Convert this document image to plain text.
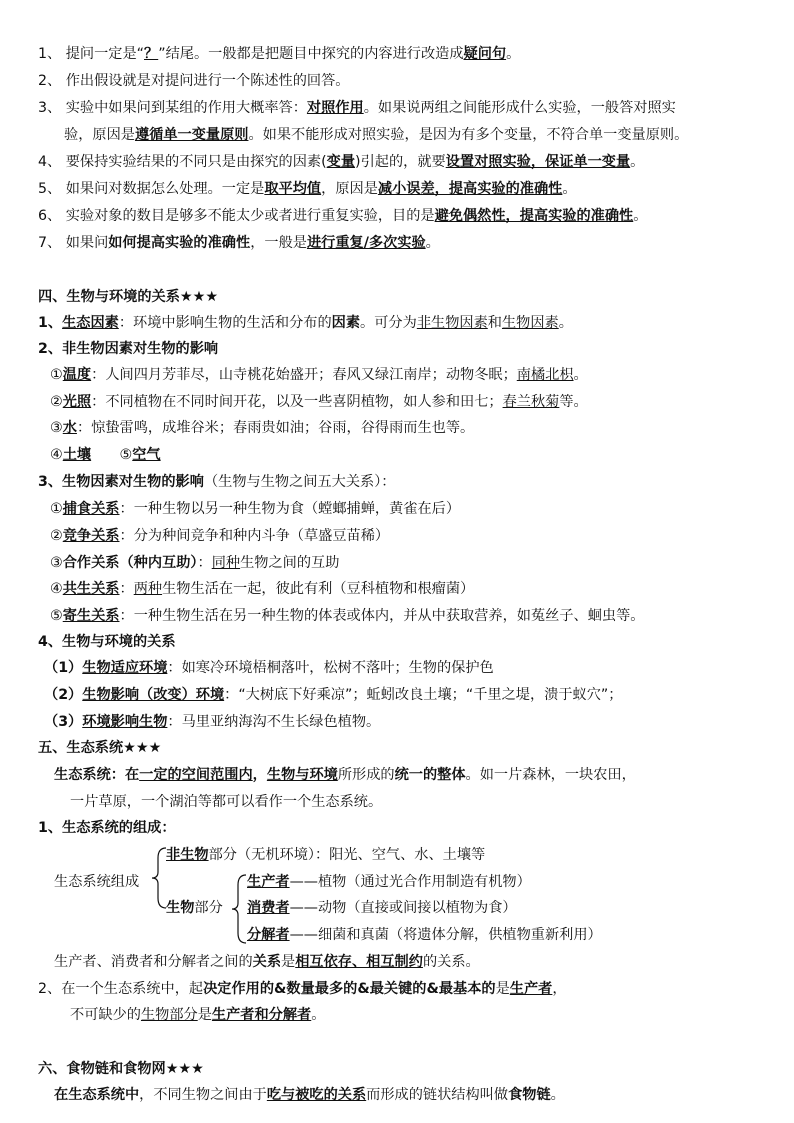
1、 提问一定是“？”结尾。一般都是把题目中探究的内容进行改造成疑问句。
2、 作出假设就是对提问进行一个陈述性的回答。
3、 实验中如果问到某组的作用大概率答：对照作用。如果说两组之间能形成什么实验，一般答对照实
验，原因是遵循单一变量原则。如果不能形成对照实验，是因为有多个变量，不符合单一变量原则。
4、 要保持实验结果的不同只是由探究的因素(变量)引起的，就要设置对照实验，保证单一变量。
5、 如果问对数据怎么处理。一定是取平均值，原因是减小误差，提高实验的准确性。
6、 实验对象的数目是够多不能太少或者进行重复实验，目的是避免偶然性，提高实验的准确性。
7、 如果问如何提高实验的准确性，一般是进行重复/多次实验。
四、生物与环境的关系★★★
1、生态因素：环境中影响生物的生活和分布的因素。可分为非生物因素和生物因素。
2、非生物因素对生物的影响
①温度：人间四月芳菲尽，山寺桃花始盛开；春风又绿江南岸；动物冬眠；南橘北枳。
②光照：不同植物在不同时间开花，以及一些喜阴植物，如人参和田七；春兰秋菊等。
③水：惊蛰雷鸣，成堆谷米；春雨贵如油；谷雨，谷得雨而生也等。
④土壤　　⑤空气
3、生物因素对生物的影响（生物与生物之间五大关系）：
①捕食关系：一种生物以另一种生物为食（螳螂捕蝉，黄雀在后）
②竞争关系：分为种间竞争和种内斗争（草盛豆苗稀）
③合作关系（种内互助）：同种生物之间的互助
④共生关系：两种生物生活在一起，彼此有利（豆科植物和根瘤菌）
⑤寄生关系：一种生物生活在另一种生物的体表或体内，并从中获取营养，如菟丝子、蛔虫等。
4、生物与环境的关系
（1）生物适应环境：如寒冷环境梧桐落叶，松树不落叶；生物的保护色
（2）生物影响（改变）环境：“大树底下好乘凉”；蚯蚓改良土壤；“千里之堤，溃于蚁穴”；
（3）环境影响生物：马里亚纳海沟不生长绿色植物。
五、生态系统★★★
生态系统：在一定的空间范围内，生物与环境所形成的统一的整体。如一片森林，一块农田，
一片草原，一个湖泊等都可以看作一个生态系统。
1、生态系统的组成：
非生物部分（无机环境）：阳光、空气、水、土壤等
生态系统组成	生产者——植物（通过光合作用制造有机物）
生物部分 消费者——动物（直接或间接以植物为食）
分解者——细菌和真菌（将遗体分解，供植物重新利用）
生产者、消费者和分解者之间的关系是相互依存、相互制约的关系。
2、在一个生态系统中，起决定作用的&数量最多的&最关键的&最基本的是生产者，
不可缺少的生物部分是生产者和分解者。
六、食物链和食物网★★★
在生态系统中，不同生物之间由于吃与被吃的关系而形成的链状结构叫做食物链。
